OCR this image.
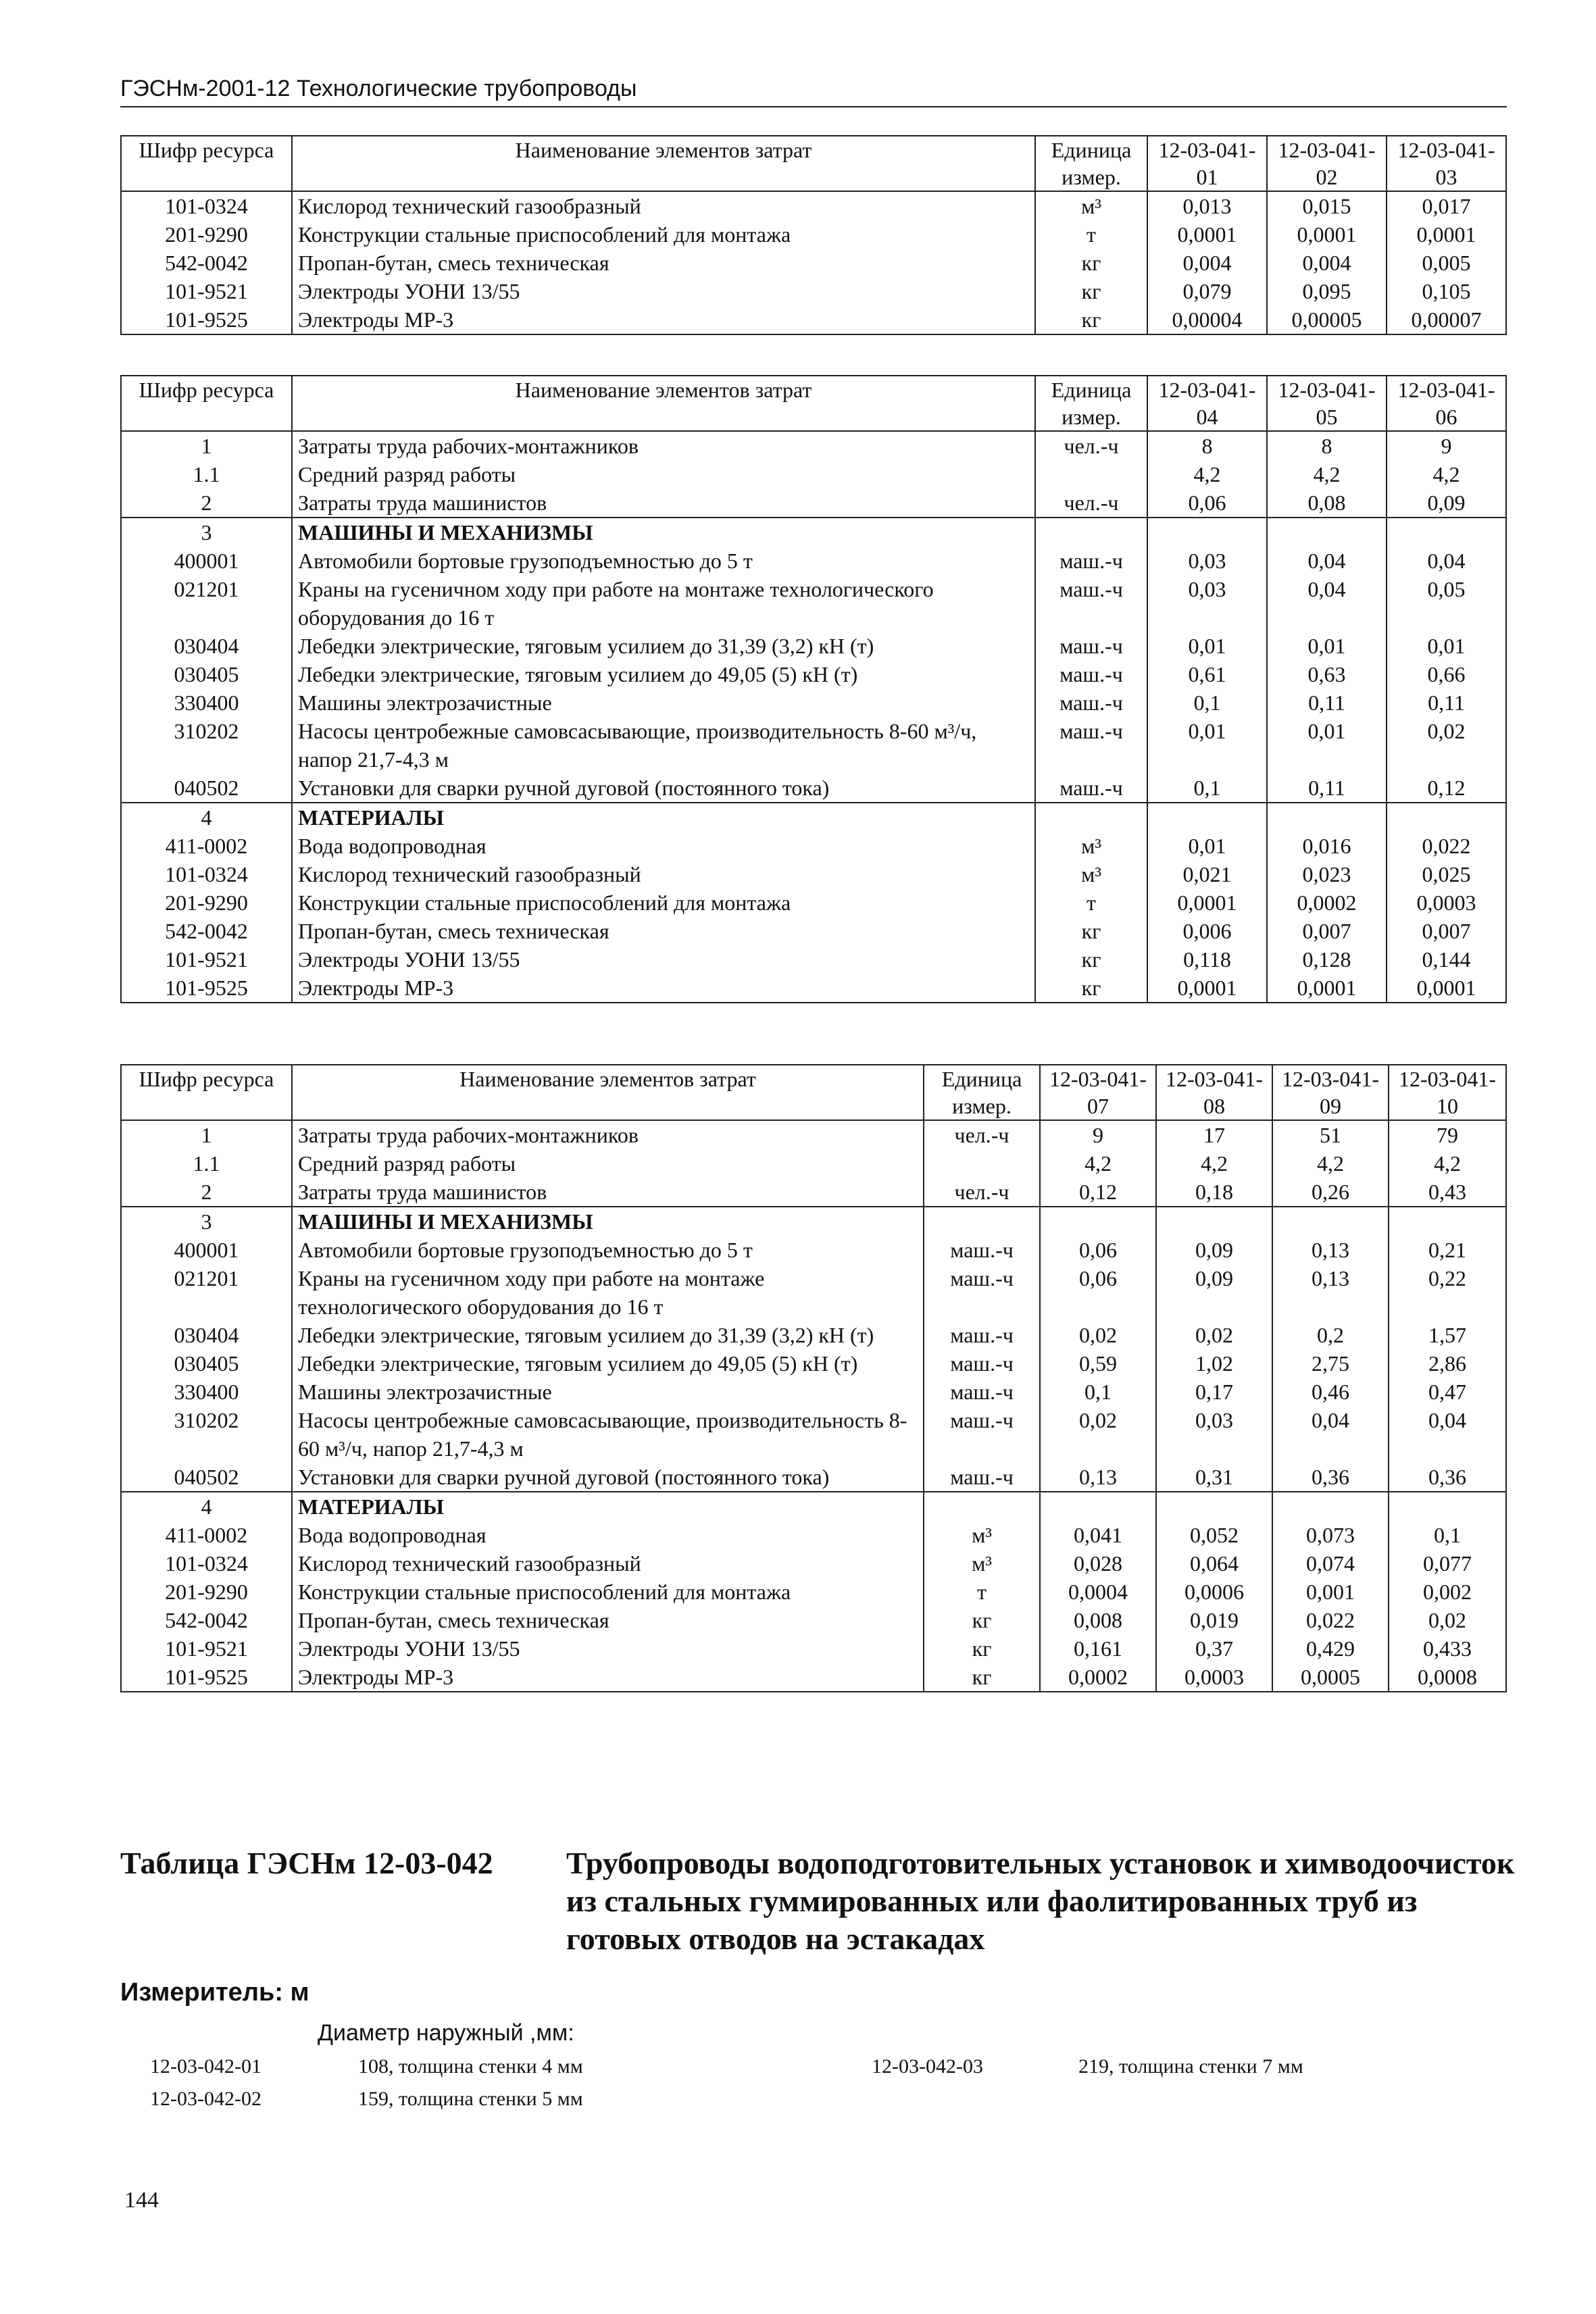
ГЭСНм-2001-12 Технологические трубопроводы
Шифр ресурса	Наименование элементов затрат	Единица измер.	12-03-041-01	12-03-041-02	12-03-041-03
101-0324	Кислород технический газообразный	м³	0,013	0,015	0,017
201-9290	Конструкции стальные приспособлений для монтажа	т	0,0001	0,0001	0,0001
542-0042	Пропан-бутан, смесь техническая	кг	0,004	0,004	0,005
101-9521	Электроды УОНИ 13/55	кг	0,079	0,095	0,105
101-9525	Электроды МР-3	кг	0,00004	0,00005	0,00007
Шифр ресурса	Наименование элементов затрат	Единица измер.	12-03-041-04	12-03-041-05	12-03-041-06
1	Затраты труда рабочих-монтажников	чел.-ч	8	8	9
1.1	Средний разряд работы		4,2	4,2	4,2
2	Затраты труда машинистов	чел.-ч	0,06	0,08	0,09
3	МАШИНЫ И МЕХАНИЗМЫ				
400001	Автомобили бортовые грузоподъемностью до 5 т	маш.-ч	0,03	0,04	0,04
021201	Краны на гусеничном ходу при работе на монтаже технологического оборудования до 16 т	маш.-ч	0,03	0,04	0,05
030404	Лебедки электрические, тяговым усилием до 31,39 (3,2) кН (т)	маш.-ч	0,01	0,01	0,01
030405	Лебедки электрические, тяговым усилием до 49,05 (5) кН (т)	маш.-ч	0,61	0,63	0,66
330400	Машины электрозачистные	маш.-ч	0,1	0,11	0,11
310202	Насосы центробежные самовсасывающие, производительность 8-60 м³/ч, напор 21,7-4,3 м	маш.-ч	0,01	0,01	0,02
040502	Установки для сварки ручной дуговой (постоянного тока)	маш.-ч	0,1	0,11	0,12
4	МАТЕРИАЛЫ				
411-0002	Вода водопроводная	м³	0,01	0,016	0,022
101-0324	Кислород технический газообразный	м³	0,021	0,023	0,025
201-9290	Конструкции стальные приспособлений для монтажа	т	0,0001	0,0002	0,0003
542-0042	Пропан-бутан, смесь техническая	кг	0,006	0,007	0,007
101-9521	Электроды УОНИ 13/55	кг	0,118	0,128	0,144
101-9525	Электроды МР-3	кг	0,0001	0,0001	0,0001
Шифр ресурса	Наименование элементов затрат	Единица измер.	12-03-041-07	12-03-041-08	12-03-041-09	12-03-041-10
1	Затраты труда рабочих-монтажников	чел.-ч	9	17	51	79
1.1	Средний разряд работы		4,2	4,2	4,2	4,2
2	Затраты труда машинистов	чел.-ч	0,12	0,18	0,26	0,43
3	МАШИНЫ И МЕХАНИЗМЫ					
400001	Автомобили бортовые грузоподъемностью до 5 т	маш.-ч	0,06	0,09	0,13	0,21
021201	Краны на гусеничном ходу при работе на монтаже технологического оборудования до 16 т	маш.-ч	0,06	0,09	0,13	0,22
030404	Лебедки электрические, тяговым усилием до 31,39 (3,2) кН (т)	маш.-ч	0,02	0,02	0,2	1,57
030405	Лебедки электрические, тяговым усилием до 49,05 (5) кН (т)	маш.-ч	0,59	1,02	2,75	2,86
330400	Машины электрозачистные	маш.-ч	0,1	0,17	0,46	0,47
310202	Насосы центробежные самовсасывающие, производительность 8-60 м³/ч, напор 21,7-4,3 м	маш.-ч	0,02	0,03	0,04	0,04
040502	Установки для сварки ручной дуговой (постоянного тока)	маш.-ч	0,13	0,31	0,36	0,36
4	МАТЕРИАЛЫ					
411-0002	Вода водопроводная	м³	0,041	0,052	0,073	0,1
101-0324	Кислород технический газообразный	м³	0,028	0,064	0,074	0,077
201-9290	Конструкции стальные приспособлений для монтажа	т	0,0004	0,0006	0,001	0,002
542-0042	Пропан-бутан, смесь техническая	кг	0,008	0,019	0,022	0,02
101-9521	Электроды УОНИ 13/55	кг	0,161	0,37	0,429	0,433
101-9525	Электроды МР-3	кг	0,0002	0,0003	0,0005	0,0008
Таблица ГЭСНм 12-03-042 Трубопроводы водоподготовительных установок и химводоочисток из стальных гуммированных или фаолитированных труб из готовых отводов на эстакадах
Измеритель: м
Диаметр наружный ,мм:
12-03-042-01	108, толщина стенки 4 мм
12-03-042-02	159, толщина стенки 5 мм
12-03-042-03	219, толщина стенки 7 мм
144
